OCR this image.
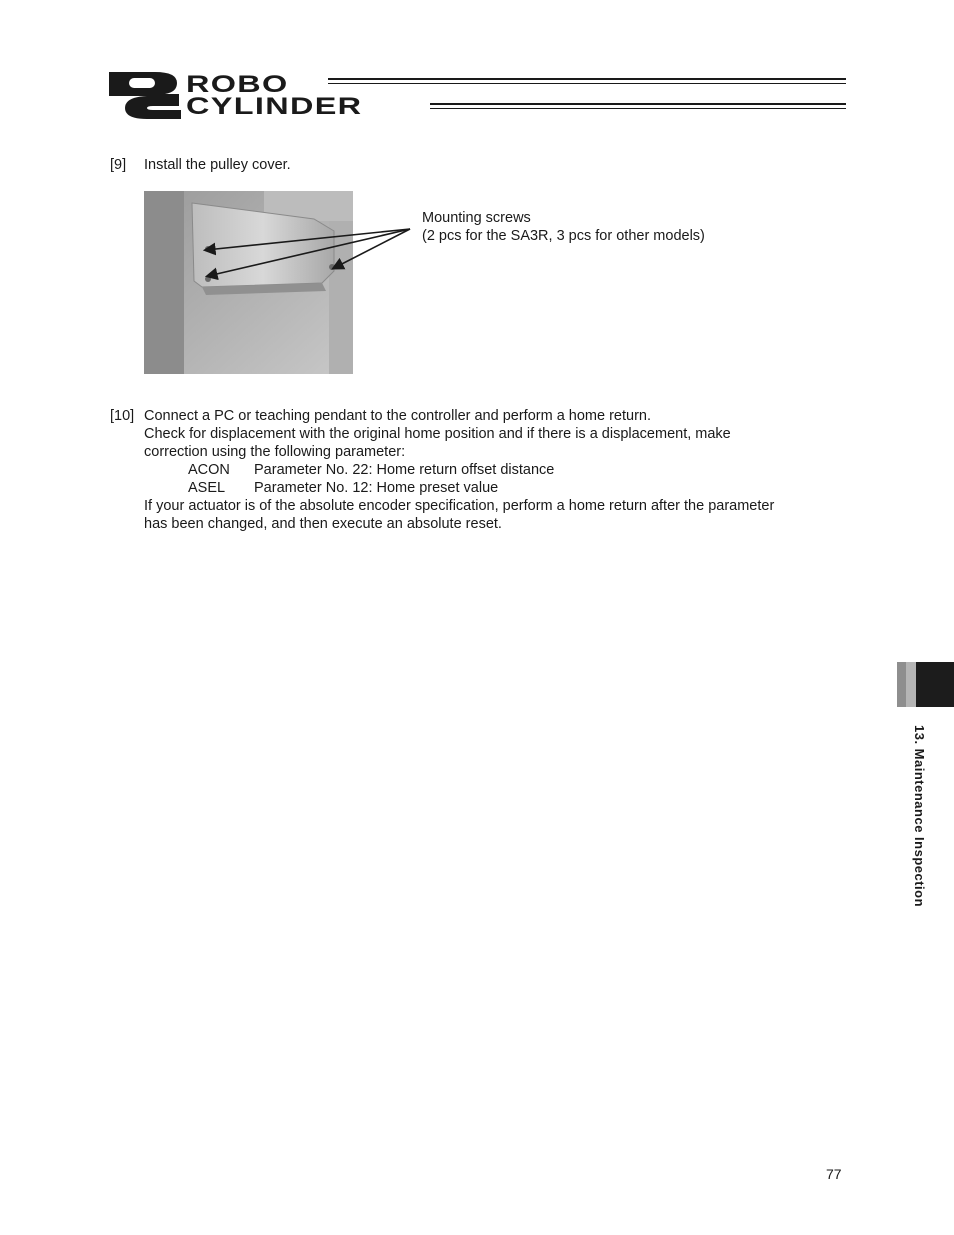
ROBO
CYLINDER
[9] Install the pulley cover.
Mounting screws
(2 pcs for the SA3R, 3 pcs for other models)
[10] Connect a PC or teaching pendant to the controller and perform a home return.
Check for displacement with the original home position and if there is a displacement, make
correction using the following parameter:
ACON Parameter No. 22: Home return offset distance
ASEL Parameter No. 12: Home preset value
If your actuator is of the absolute encoder specification, perform a home return after the parameter
has been changed, and then execute an absolute reset.
13. Maintenance Inspection
77
